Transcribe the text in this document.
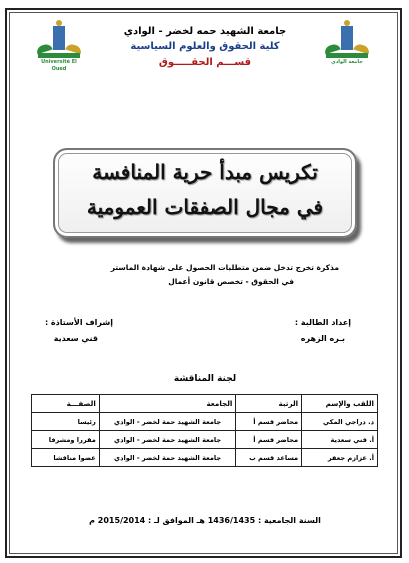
Université El Oued
جامعة الوادي
جامعة الشهيد حمه لخضر - الوادي
كلية الحقوق والعلوم السياسية
قســـم الحقـــــوق
تكريس مبدأ حرية المنافسة
في مجال الصفقات العمومية
مذكرة تخرج تدخل ضمن متطلبات الحصول على شهادة الماستر
في الحقوق - تخصص قانون أعمال
إعداد الطالبة :
بـره الزهره
إشراف الأستاذة :
قني سعدية
لجنة المناقشة
اللقب والإسم	الرتبة	الجامعة	الصفـــة
د. دراجي المكي	محاضر قسم أ	جامعة الشهيد حمة لخضر - الوادي	رئيسا
أ. قني سعدية	محاضر قسم أ	جامعة الشهيد حمة لخضر - الوادي	مقررا ومشرفا
أ. عزازم جعفر	مساعد قسم ب	جامعة الشهيد حمة لخضر - الوادي	عضوا مناقشا
السنة الجامعية : 1436/1435 هـ الموافق لـ : 2015/2014 م
